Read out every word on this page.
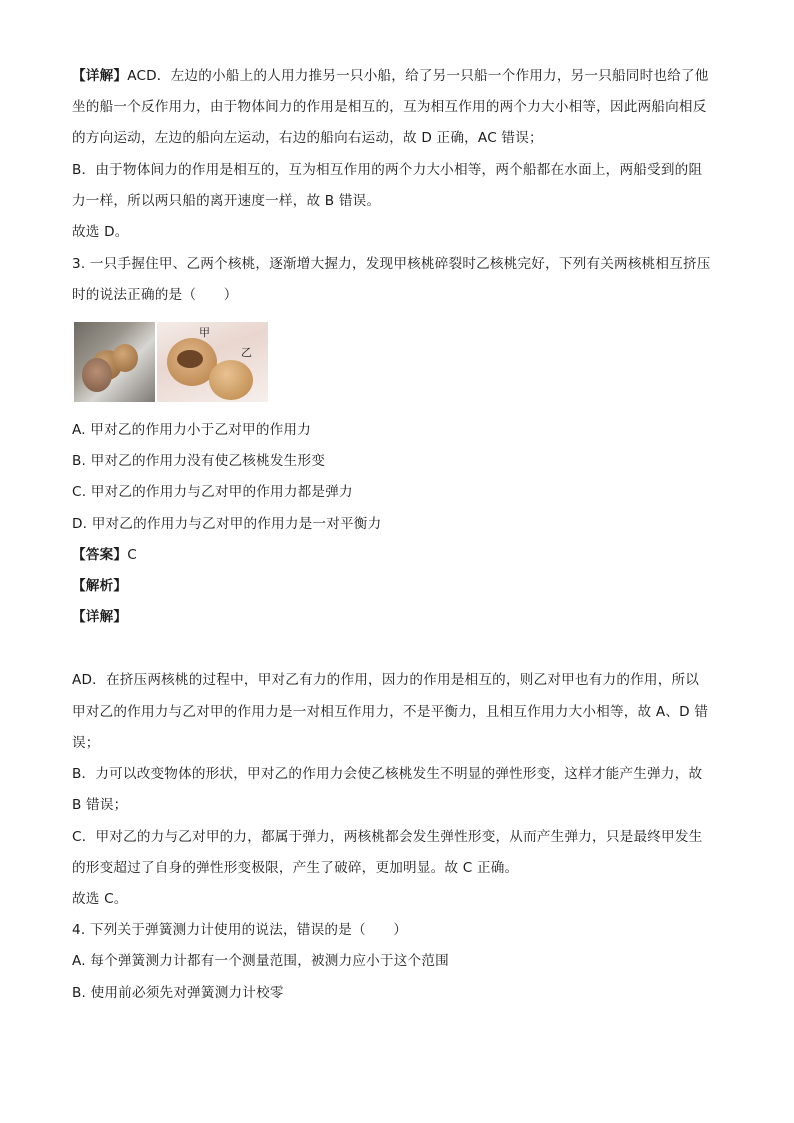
【详解】ACD．左边的小船上的人用力推另一只小船，给了另一只船一个作用力，另一只船同时也给了他
坐的船一个反作用力，由于物体间力的作用是相互的，互为相互作用的两个力大小相等，因此两船向相反
的方向运动，左边的船向左运动，右边的船向右运动，故 D 正确，AC 错误；
B．由于物体间力的作用是相互的，互为相互作用的两个力大小相等，两个船都在水面上，两船受到的阻
力一样，所以两只船的离开速度一样，故 B 错误。
故选 D。
3. 一只手握住甲、乙两个核桃，逐渐增大握力，发现甲核桃碎裂时乙核桃完好，下列有关两核桃相互挤压
时的说法正确的是（　　）
甲
乙
A. 甲对乙的作用力小于乙对甲的作用力
B. 甲对乙的作用力没有使乙核桃发生形变
C. 甲对乙的作用力与乙对甲的作用力都是弹力
D. 甲对乙的作用力与乙对甲的作用力是一对平衡力
【答案】C
【解析】
【详解】
AD．在挤压两核桃的过程中，甲对乙有力的作用，因力的作用是相互的，则乙对甲也有力的作用，所以
甲对乙的作用力与乙对甲的作用力是一对相互作用力，不是平衡力，且相互作用力大小相等，故 A、D 错
误；
B．力可以改变物体的形状，甲对乙的作用力会使乙核桃发生不明显的弹性形变，这样才能产生弹力，故
B 错误；
C．甲对乙的力与乙对甲的力，都属于弹力，两核桃都会发生弹性形变，从而产生弹力，只是最终甲发生
的形变超过了自身的弹性形变极限，产生了破碎，更加明显。故 C 正确。
故选 C。
4. 下列关于弹簧测力计使用的说法，错误的是（　　）
A. 每个弹簧测力计都有一个测量范围，被测力应小于这个范围
B. 使用前必须先对弹簧测力计校零
